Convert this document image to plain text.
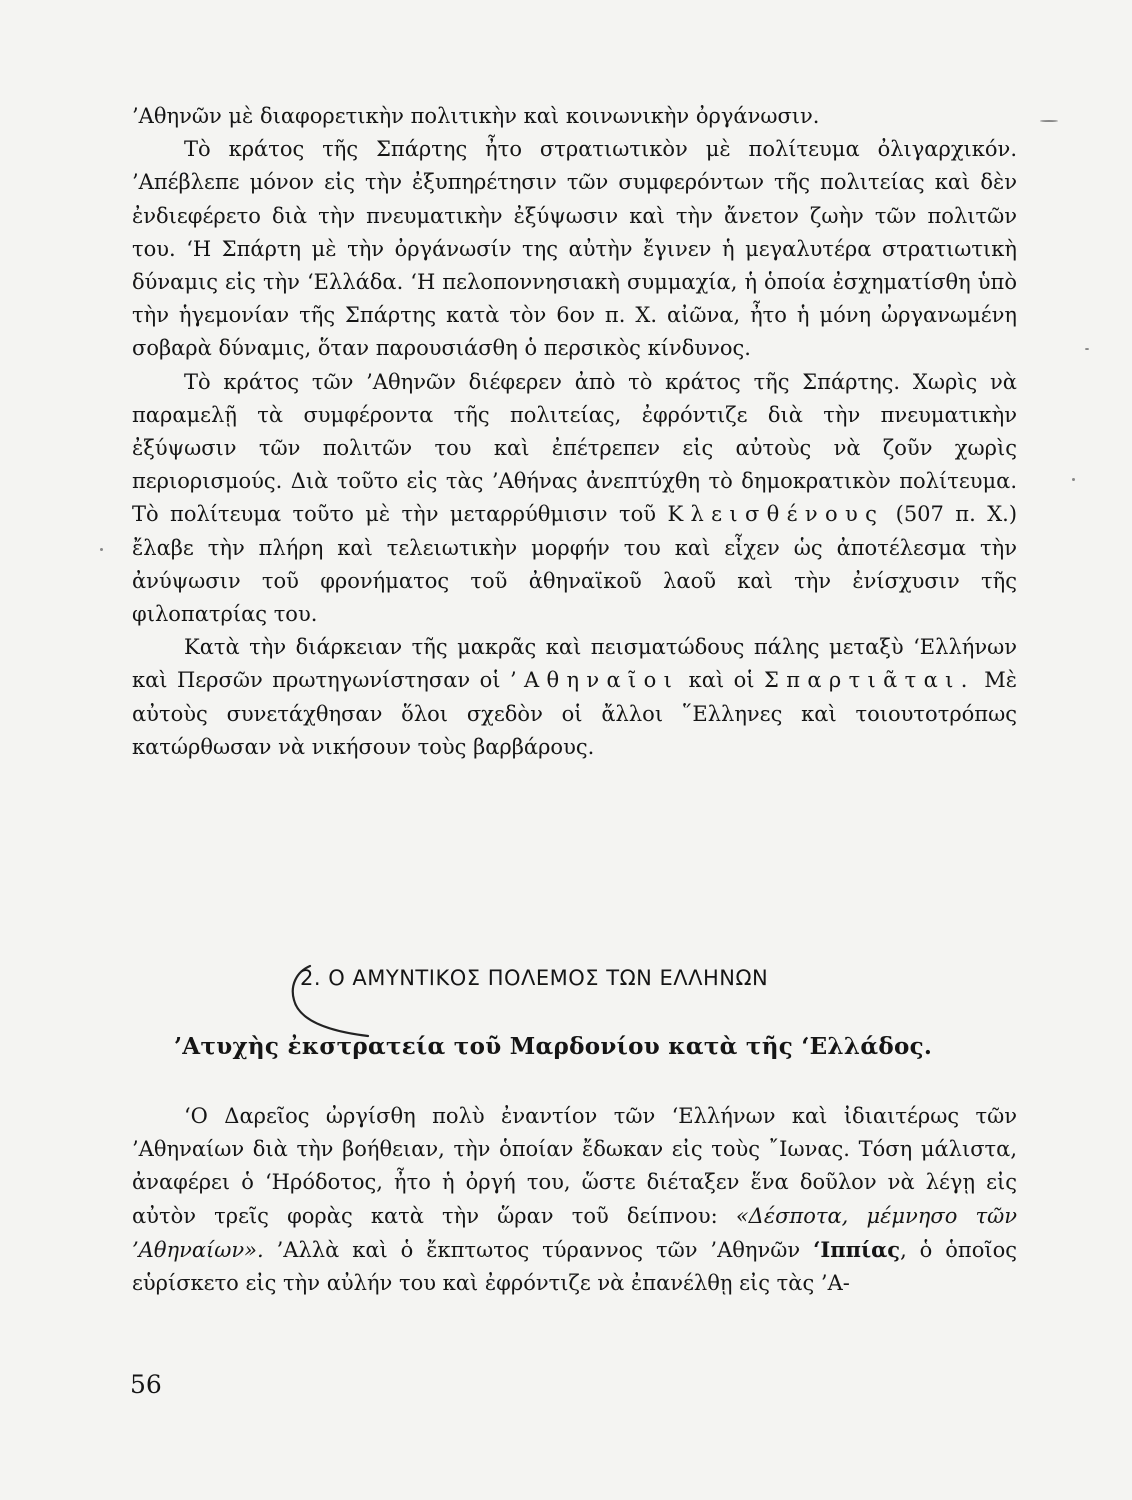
’Αθηνῶν μὲ διαφορετικὴν πολιτικὴν καὶ κοινωνικὴν ὀργάνωσιν.

Τὸ κράτος τῆς Σπάρτης ἦτο στρατιωτικὸν μὲ πολίτευμα ὀλιγαρχικόν. ’Απέβλεπε μόνον εἰς τὴν ἐξυπηρέτησιν τῶν συμφερόντων τῆς πολιτείας καὶ δὲν ἐνδιεφέρετο διὰ τὴν πνευματικὴν ἐξύψωσιν καὶ τὴν ἄνετον ζωὴν τῶν πολιτῶν του. ‘Η Σπάρτη μὲ τὴν ὀργάνωσίν της αὐτὴν ἔγινεν ἡ μεγαλυτέρα στρατιωτικὴ δύναμις εἰς τὴν ‘Ελλάδα. ‘Η πελοποννησιακὴ συμμαχία, ἡ ὁποία ἐσχηματίσθη ὑπὸ τὴν ἡγεμονίαν τῆς Σπάρτης κατὰ τὸν 6ον π. Χ. αἰῶνα, ἦτο ἡ μόνη ὠργανωμένη σοβαρὰ δύναμις, ὅταν παρουσιάσθη ὁ περσικὸς κίνδυνος.

Τὸ κράτος τῶν ’Αθηνῶν διέφερεν ἀπὸ τὸ κράτος τῆς Σπάρτης. Χωρὶς νὰ παραμελῇ τὰ συμφέροντα τῆς πολιτείας, ἐφρόντιζε διὰ τὴν πνευματικὴν ἐξύψωσιν τῶν πολιτῶν του καὶ ἐπέτρεπεν εἰς αὐτοὺς νὰ ζοῦν χωρὶς περιορισμούς. Διὰ τοῦτο εἰς τὰς ’Αθήνας ἀνεπτύχθη τὸ δημοκρατικὸν πολίτευμα. Τὸ πολίτευμα τοῦτο μὲ τὴν μεταρρύθμισιν τοῦ Κλεισθένους (507 π. Χ.) ἔλαβε τὴν πλήρη καὶ τελειωτικὴν μορφήν του καὶ εἶχεν ὡς ἀποτέλεσμα τὴν ἀνύψωσιν τοῦ φρονήματος τοῦ ἀθηναϊκοῦ λαοῦ καὶ τὴν ἐνίσχυσιν τῆς φιλοπατρίας του.

Κατὰ τὴν διάρκειαν τῆς μακρᾶς καὶ πεισματώδους πάλης μεταξὺ ‘Ελλήνων καὶ Περσῶν πρωτηγωνίστησαν οἱ ’Αθηναῖοι καὶ οἱ Σπαρτιᾶται. Μὲ αὐτοὺς συνετάχθησαν ὅλοι σχεδὸν οἱ ἄλλοι ῞Ελληνες καὶ τοιουτοτρόπως κατώρθωσαν νὰ νικήσουν τοὺς βαρβάρους.

2. Ο ΑΜΥΝΤΙΚΟΣ ΠΟΛΕΜΟΣ ΤΩΝ ΕΛΛΗΝΩΝ
’Ατυχὴς ἐκστρατεία τοῦ Μαρδονίου κατὰ τῆς ‘Ελλάδος.

‘Ο Δαρεῖος ὠργίσθη πολὺ ἐναντίον τῶν ‘Ελλήνων καὶ ἰδιαιτέρως τῶν ’Αθηναίων διὰ τὴν βοήθειαν, τὴν ὁποίαν ἔδωκαν εἰς τοὺς ῎Ιωνας. Τόση μάλιστα, ἀναφέρει ὁ ‘Ηρόδοτος, ἦτο ἡ ὀργή του, ὥστε διέταξεν ἕνα δοῦλον νὰ λέγῃ εἰς αὐτὸν τρεῖς φορὰς κατὰ τὴν ὥραν τοῦ δείπνου: «Δέσποτα, μέμνησο τῶν ’Αθηναίων». ’Αλλὰ καὶ ὁ ἔκπτωτος τύραννος τῶν ’Αθηνῶν ‘Ιππίας, ὁ ὁποῖος εὑρίσκετο εἰς τὴν αὐλήν του καὶ ἐφρόντιζε νὰ ἐπανέλθῃ εἰς τὰς ’Α-

56
